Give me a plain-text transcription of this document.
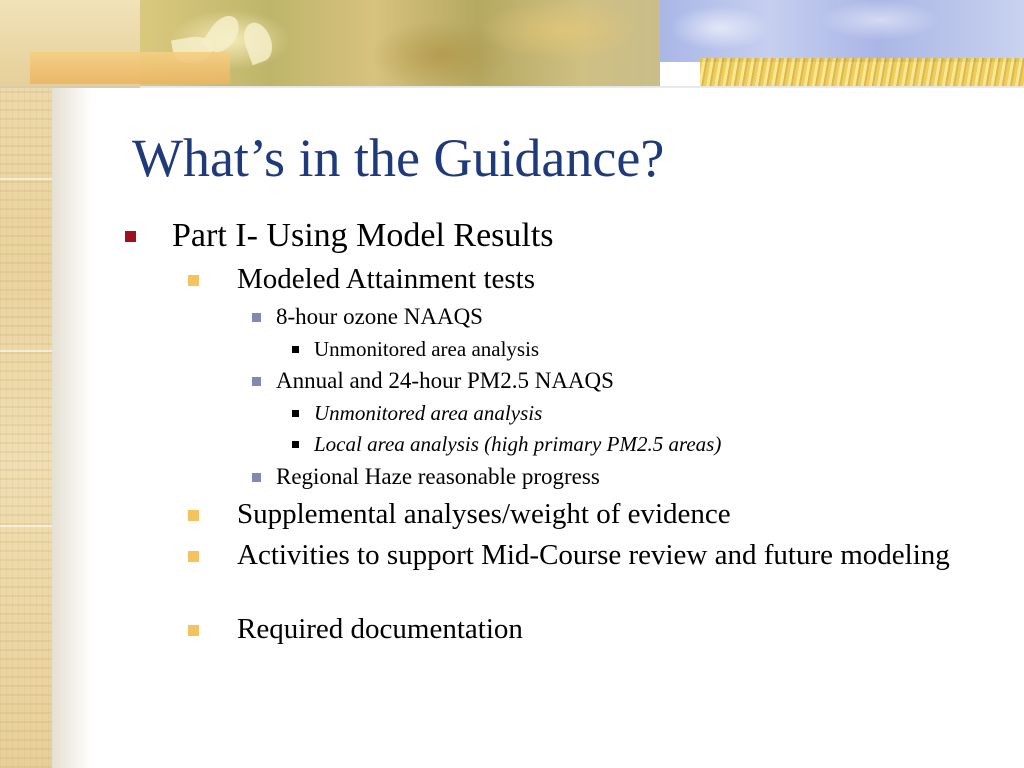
What’s in the Guidance?
Part I- Using Model Results
Modeled Attainment tests
8-hour ozone NAAQS
Unmonitored area analysis
Annual and 24-hour PM2.5 NAAQS
Unmonitored area analysis
Local area analysis (high primary PM2.5 areas)
Regional Haze reasonable progress
Supplemental analyses/weight of evidence
Activities to support Mid-Course review and future modeling
Required documentation
